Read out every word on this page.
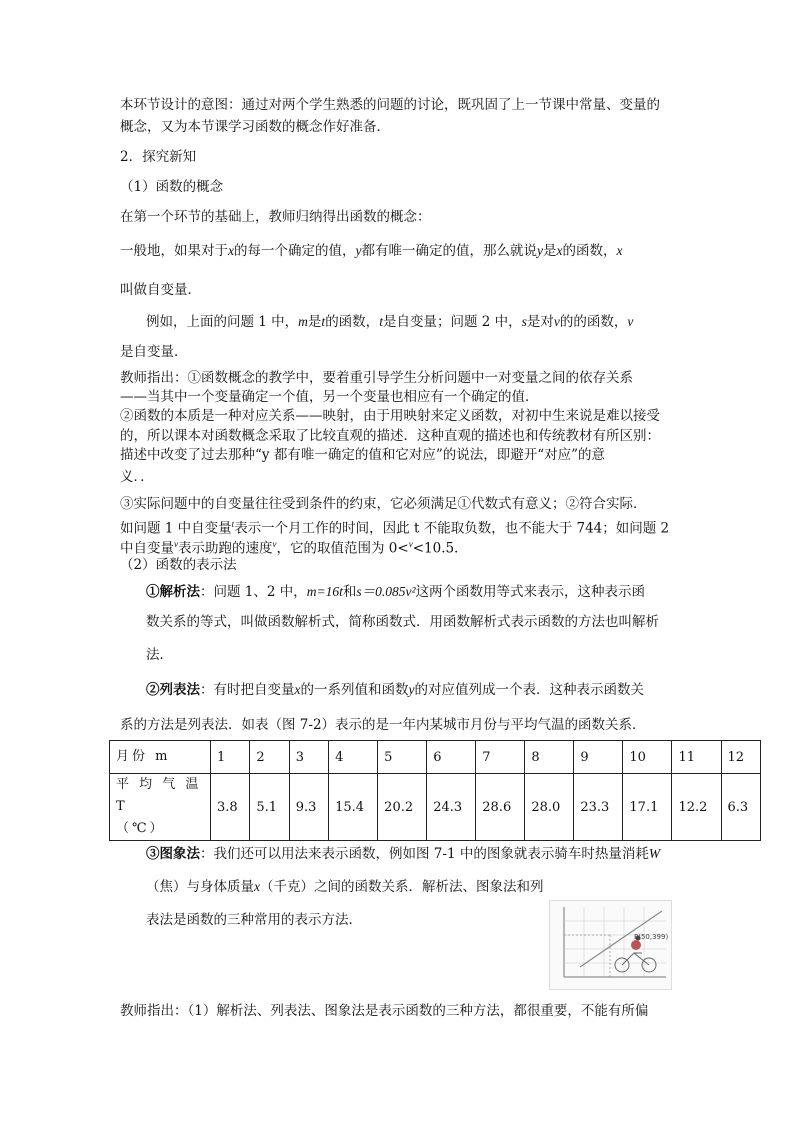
本环节设计的意图：通过对两个学生熟悉的问题的讨论，既巩固了上一节课中常量、变量的
概念，又为本节课学习函数的概念作好准备．
2．探究新知
（1）函数的概念
在第一个环节的基础上，教师归纳得出函数的概念：
一般地，如果对于x的每一个确定的值，y都有唯一确定的值，那么就说y是x的函数，x
叫做自变量．
例如，上面的问题 1 中，m是t的函数，t是自变量；问题 2 中，s是对v的的函数，v
是自变量．
教师指出：①函数概念的教学中，要着重引导学生分析问题中一对变量之间的依存关系
——当其中一个变量确定一个值，另一个变量也相应有一个确定的值．
②函数的本质是一种对应关系——映射，由于用映射来定义函数，对初中生来说是难以接受
的，所以课本对函数概念采取了比较直观的描述．这种直观的描述也和传统教材有所区别：
描述中改变了过去那种“y 都有唯一确定的值和它对应”的说法，即避开“对应”的意
义．．
③实际问题中的自变量往往受到条件的约束，它必须满足①代数式有意义；②符合实际．
如问题 1 中自变量$^t$表示一个月工作的时间，因此 t 不能取负数，也不能大于 744；如问题 2
中自变量$^v$表示助跑的速度$^v$，它的取值范围为 0<$^v$<10.5．
（2）函数的表示法
①解析法：问题 1、2 中，m=16t和s＝0.085v²这两个函数用等式来表示，这种表示函
数关系的等式，叫做函数解析式，简称函数式．用函数解析式表示函数的方法也叫解析
法．
②列表法：有时把自变量x的一系列值和函数y的对应值列成一个表．这种表示函数关
系的方法是列表法．如表（图 7-2）表示的是一年内某城市月份与平均气温的函数关系．
月份 m	1	2	3	4	5	6	7	8	9	10	11	12

平 均 气 温 T
（℃）	3.8	5.1	9.3	15.4	20.2	24.3	28.6	28.0	23.3	17.1	12.2	6.3
③图象法：我们还可以用法来表示函数，例如图 7-1 中的图象就表示骑车时热量消耗W
（焦）与身体质量x（千克）之间的函数关系．解析法、图象法和列
表法是函数的三种常用的表示方法．
P(50,399)
教师指出：（1）解析法、列表法、图象法是表示函数的三种方法，都很重要，不能有所偏
